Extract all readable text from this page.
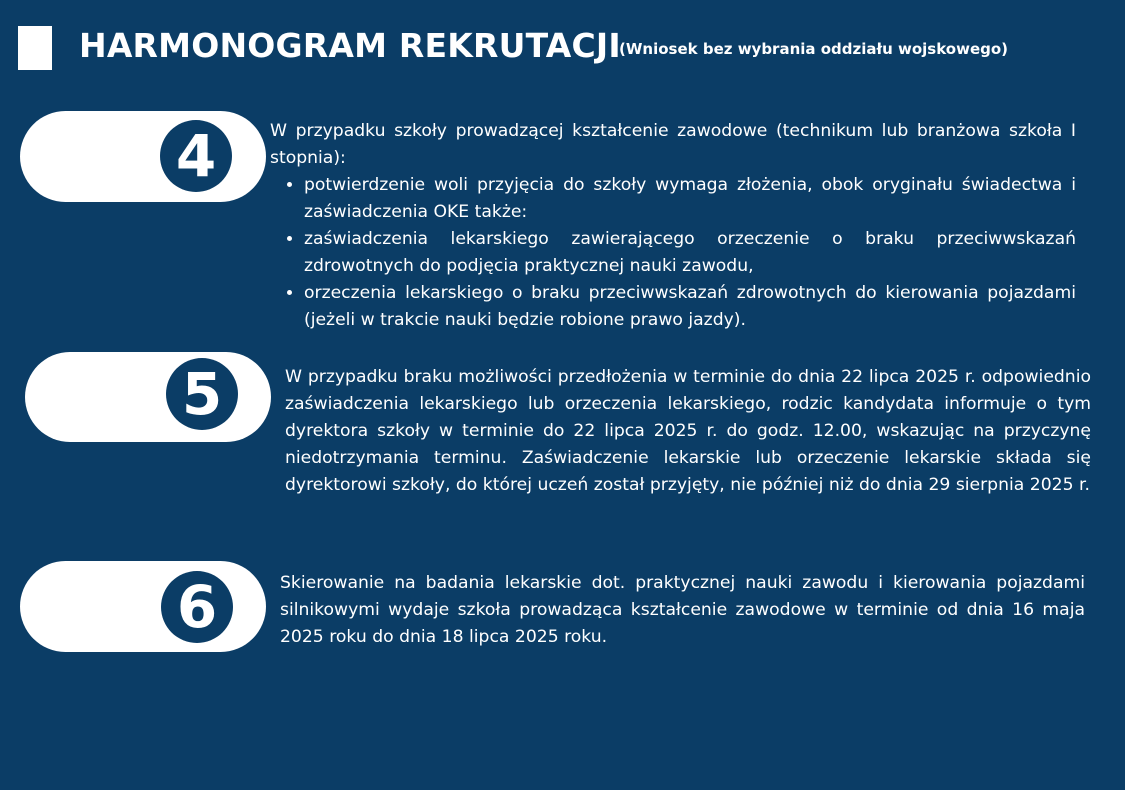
HARMONOGRAM REKRUTACJI
(Wniosek bez wybrania oddziału wojskowego)
4	W przypadku szkoły prowadzącej kształcenie zawodowe (technikum lub branżowa szkoła I stopnia):

• potwierdzenie woli przyjęcia do szkoły wymaga złożenia, obok oryginału świadectwa i zaświadczenia OKE także:
• zaświadczenia lekarskiego zawierającego orzeczenie o braku przeciwwskazań zdrowotnych do podjęcia praktycznej nauki zawodu,
• orzeczenia lekarskiego o braku przeciwwskazań zdrowotnych do kierowania pojazdami (jeżeli w trakcie nauki będzie robione prawo jazdy).
5	W przypadku braku możliwości przedłożenia w terminie do dnia 22 lipca 2025 r. odpowiednio zaświadczenia lekarskiego lub orzeczenia lekarskiego, rodzic kandydata informuje o tym dyrektora szkoły w terminie do 22 lipca 2025 r. do godz. 12.00, wskazując na przyczynę niedotrzymania terminu. Zaświadczenie lekarskie lub orzeczenie lekarskie składa się dyrektorowi szkoły, do której uczeń został przyjęty, nie później niż do dnia 29 sierpnia 2025 r.
6	Skierowanie na badania lekarskie dot. praktycznej nauki zawodu i kierowania pojazdami silnikowymi wydaje szkoła prowadząca kształcenie zawodowe w terminie od dnia 16 maja 2025 roku do dnia 18 lipca 2025 roku.
